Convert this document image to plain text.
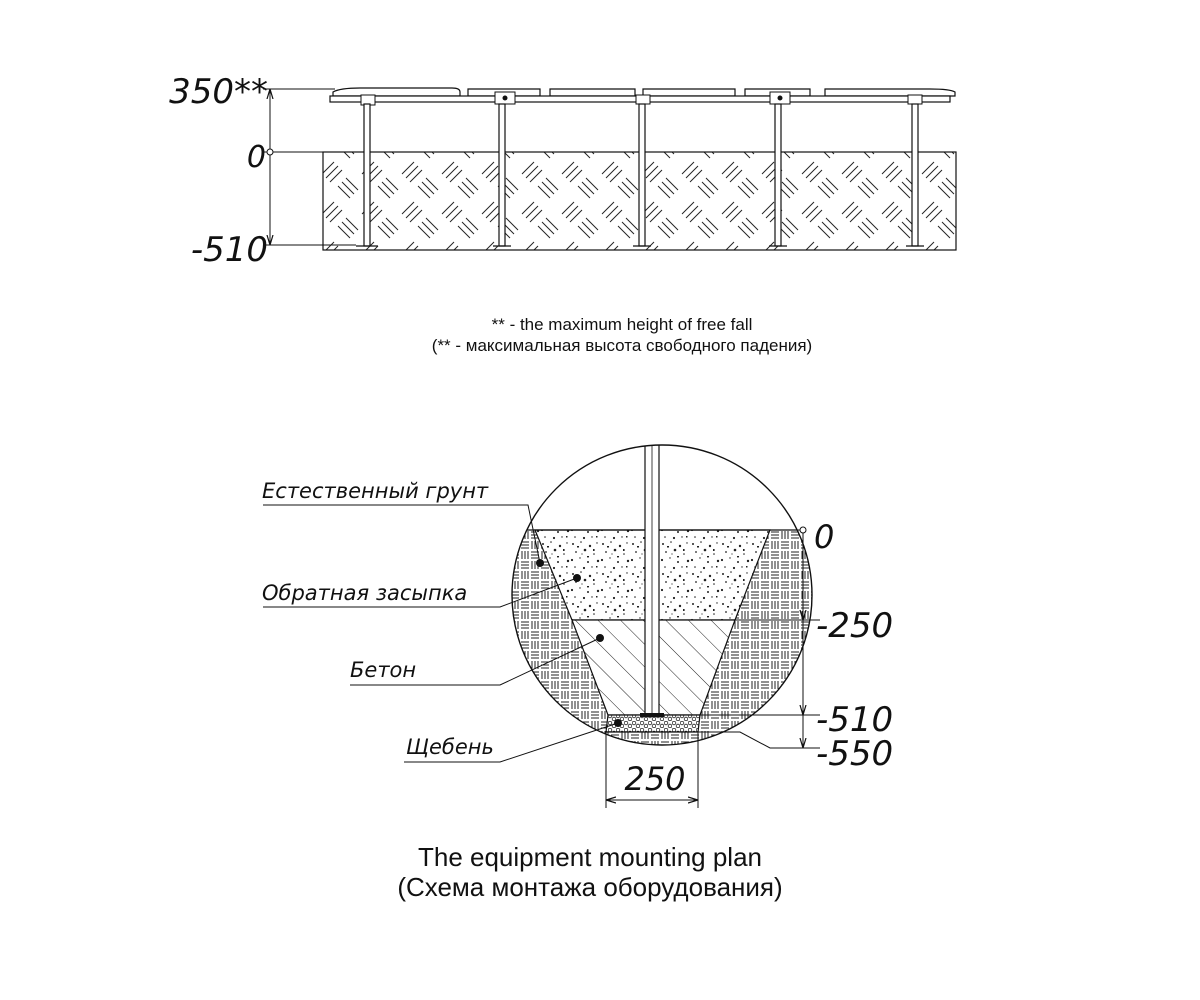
350**
0
-510
** - the maximum height of free fall
(** - максимальная высота свободного падения)
Естественный грунт
Обратная засыпка
Бетон
Щебень
0
-250
-510
-550
250
The equipment mounting plan
(Схема монтажа оборудования)
